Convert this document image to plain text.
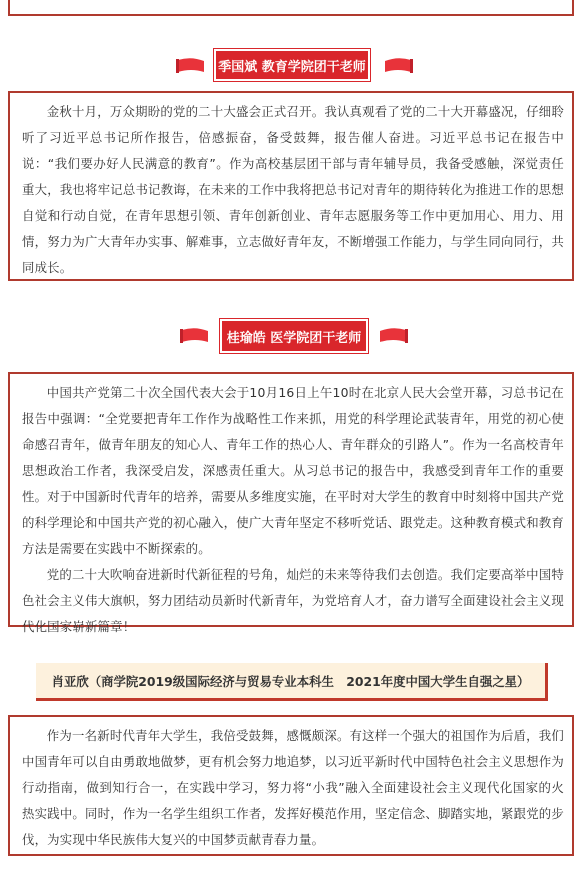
季国斌 教育学院团干老师

金秋十月，万众期盼的党的二十大盛会正式召开。我认真观看了党的二十大开幕盛况，仔细聆听了习近平总书记所作报告，倍感振奋，备受鼓舞，报告催人奋进。习近平总书记在报告中说：“我们要办好人民满意的教育”。作为高校基层团干部与青年辅导员，我备受感触，深觉责任重大，我也将牢记总书记教诲，在未来的工作中我将把总书记对青年的期待转化为推进工作的思想自觉和行动自觉，在青年思想引领、青年创新创业、青年志愿服务等工作中更加用心、用力、用情，努力为广大青年办实事、解难事，立志做好青年友，不断增强工作能力，与学生同向同行，共同成长。

桂瑜皓 医学院团干老师

中国共产党第二十次全国代表大会于10月16日上午10时在北京人民大会堂开幕，习总书记在报告中强调：“全党要把青年工作作为战略性工作来抓，用党的科学理论武装青年，用党的初心使命感召青年，做青年朋友的知心人、青年工作的热心人、青年群众的引路人”。作为一名高校青年思想政治工作者，我深受启发，深感责任重大。从习总书记的报告中，我感受到青年工作的重要性。对于中国新时代青年的培养，需要从多维度实施，在平时对大学生的教育中时刻将中国共产党的科学理论和中国共产党的初心融入，使广大青年坚定不移听党话、跟党走。这种教育模式和教育方法是需要在实践中不断探索的。

党的二十大吹响奋进新时代新征程的号角，灿烂的未来等待我们去创造。我们定要高举中国特色社会主义伟大旗帜，努力团结动员新时代新青年，为党培育人才，奋力谱写全面建设社会主义现代化国家崭新篇章！

肖亚欣（商学院2019级国际经济与贸易专业本科生　2021年度中国大学生自强之星）

作为一名新时代青年大学生，我倍受鼓舞，感慨颇深。有这样一个强大的祖国作为后盾，我们中国青年可以自由勇敢地做梦，更有机会努力地追梦，以习近平新时代中国特色社会主义思想作为行动指南，做到知行合一，在实践中学习，努力将“小我”融入全面建设社会主义现代化国家的火热实践中。同时，作为一名学生组织工作者，发挥好模范作用，坚定信念、脚踏实地，紧跟党的步伐，为实现中华民族伟大复兴的中国梦贡献青春力量。
